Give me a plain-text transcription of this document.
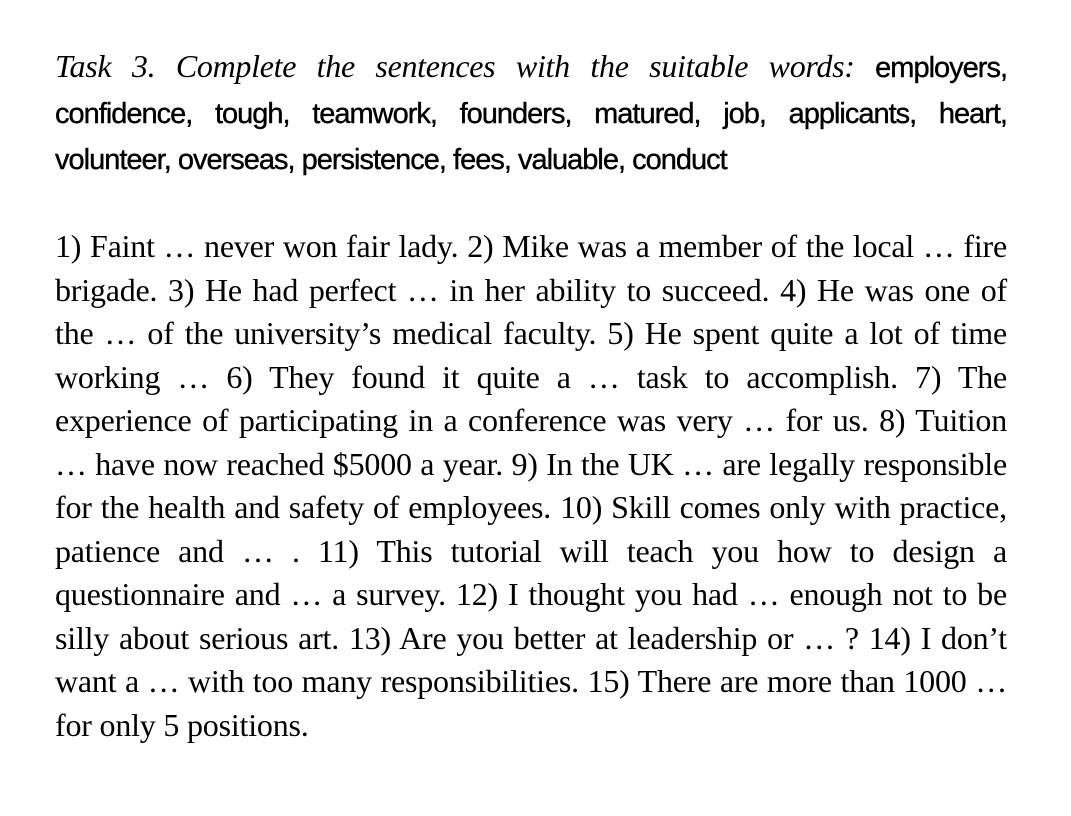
Task 3. Complete the sentences with the suitable words: employers, confidence, tough, teamwork, founders, matured, job, applicants, heart, volunteer, overseas, persistence, fees, valuable, conduct

1) Faint … never won fair lady. 2) Mike was a member of the local … fire brigade. 3) He had perfect … in her ability to succeed. 4) He was one of the … of the university’s medical faculty. 5) He spent quite a lot of time working … 6) They found it quite a … task to accomplish. 7) The experience of participating in a conference was very … for us. 8) Tuition … have now reached $5000 a year. 9) In the UK … are legally responsible for the health and safety of employees. 10) Skill comes only with practice, patience and … . 11) This tutorial will teach you how to design a questionnaire and … a survey. 12) I thought you had … enough not to be silly about serious art. 13) Are you better at leadership or … ? 14) I don’t want a … with too many responsibilities. 15) There are more than 1000 … for only 5 positions.
